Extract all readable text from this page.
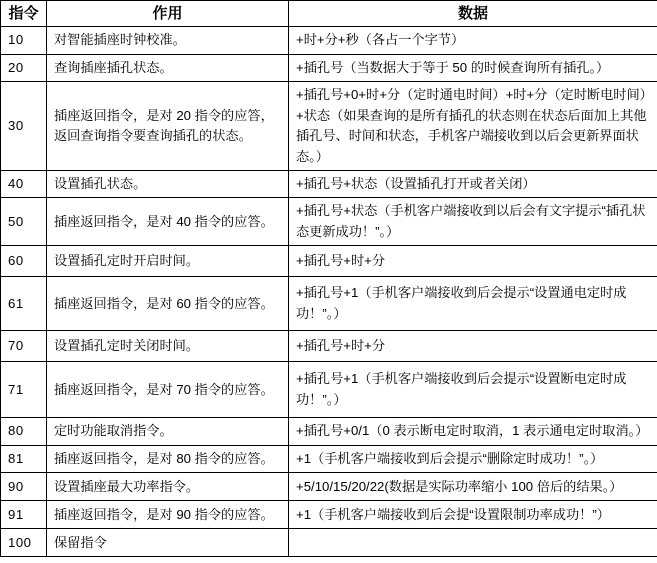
指令	作用	数据
10	对智能插座时钟校准。	+时+分+秒（各占一个字节）
20	查询插座插孔状态。	+插孔号（当数据大于等于 50 的时候查询所有插孔。）
30	插座返回指令，是对 20 指令的应答，返回查询指令要查询插孔的状态。	+插孔号+0+时+分（定时通电时间）+时+分（定时断电时间）+状态（如果查询的是所有插孔的状态则在状态后面加上其他插孔号、时间和状态，手机客户端接收到以后会更新界面状态。）
40	设置插孔状态。	+插孔号+状态（设置插孔打开或者关闭）
50	插座返回指令，是对 40 指令的应答。	+插孔号+状态（手机客户端接收到以后会有文字提示“插孔状态更新成功！”。）
60	设置插孔定时开启时间。	+插孔号+时+分
61	插座返回指令，是对 60 指令的应答。	+插孔号+1（手机客户端接收到后会提示“设置通电定时成功！”。）
70	设置插孔定时关闭时间。	+插孔号+时+分
71	插座返回指令，是对 70 指令的应答。	+插孔号+1（手机客户端接收到后会提示“设置断电定时成功！”。）
80	定时功能取消指令。	+插孔号+0/1（0 表示断电定时取消，1 表示通电定时取消。）
81	插座返回指令，是对 80 指令的应答。	+1（手机客户端接收到后会提示“删除定时成功！”。）
90	设置插座最大功率指令。	+5/10/15/20/22(数据是实际功率缩小 100 倍后的结果。）
91	插座返回指令，是对 90 指令的应答。	+1（手机客户端接收到后会提“设置限制功率成功！”）
100	保留指令	
